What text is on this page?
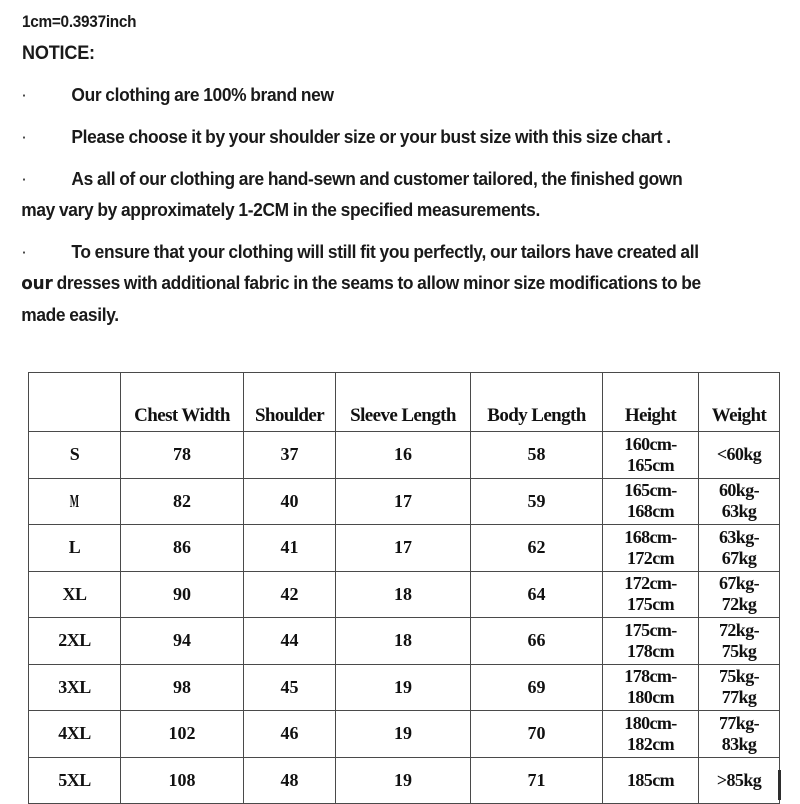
1cm=0.3937inch
NOTICE:
·	Our clothing are 100% brand new
·	Please choose it by your shoulder size or your bust size with this size chart .
·	As all of our clothing are hand-sewn and customer tailored, the finished gown may vary by approximately 1-2CM in the specified measurements.
·	To ensure that your clothing will still fit you perfectly, our tailors have created all our dresses with additional fabric in the seams to allow minor size modifications to be made easily.
	Chest Width	Shoulder	Sleeve Length	Body Length	Height	Weight
S	78	37	16	58	160cm-
165cm	<60kg

M	82	40	17	59	165cm-
168cm	60kg-
63kg

L	86	41	17	62	168cm-
172cm	63kg-
67kg

XL	90	42	18	64	172cm-
175cm	67kg-
72kg

2XL	94	44	18	66	175cm-
178cm	72kg-
75kg

3XL	98	45	19	69	178cm-
180cm	75kg-
77kg

4XL	102	46	19	70	180cm-
182cm	77kg-
83kg

5XL	108	48	19	71	185cm	>85kg
